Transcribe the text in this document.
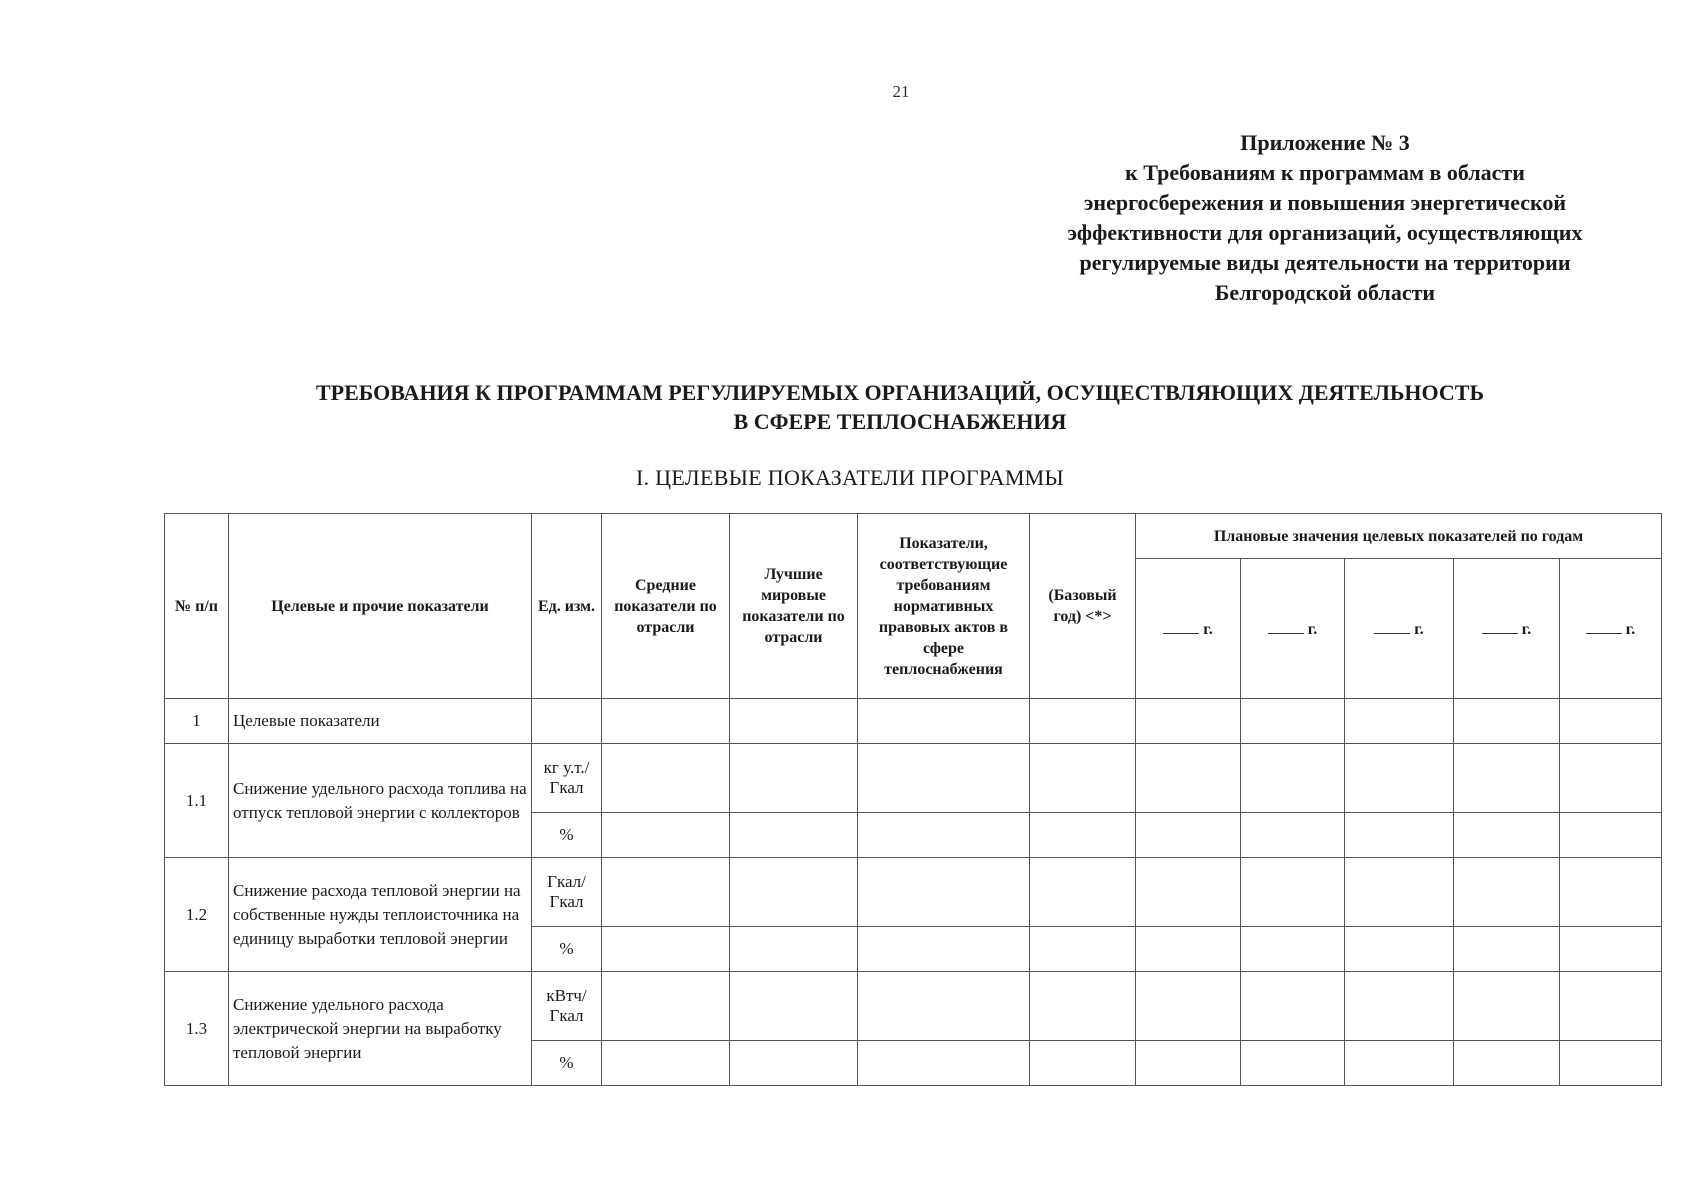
21
Приложение № 3
к Требованиям к программам в области
энергосбережения и повышения энергетической
эффективности для организаций, осуществляющих
регулируемые виды деятельности на территории
Белгородской области
ТРЕБОВАНИЯ К ПРОГРАММАМ РЕГУЛИРУЕМЫХ ОРГАНИЗАЦИЙ, ОСУЩЕСТВЛЯЮЩИХ ДЕЯТЕЛЬНОСТЬ
В СФЕРЕ ТЕПЛОСНАБЖЕНИЯ
I. ЦЕЛЕВЫЕ ПОКАЗАТЕЛИ ПРОГРАММЫ
№ п/п	Целевые и прочие показатели	Ед. изм.	Средние показатели по отрасли	Лучшие мировые показатели по отрасли	Показатели, соответствующие требованиям нормативных правовых актов в сфере теплоснабжения	(Базовый год) <*>	Плановые значения целевых показателей по годам				
							г.	г.	г.	г.	г.
1	Целевые показатели										
1.1	Снижение удельного расхода топлива на отпуск тепловой энергии с коллекторов	кг у.т./ Гкал									
		%									
1.2	Снижение расхода тепловой энергии на собственные нужды теплоисточника на единицу выработки тепловой энергии	Гкал/ Гкал									
		%									
1.3	Снижение удельного расхода электрической энергии на выработку тепловой энергии	кВтч/ Гкал									
		%									
